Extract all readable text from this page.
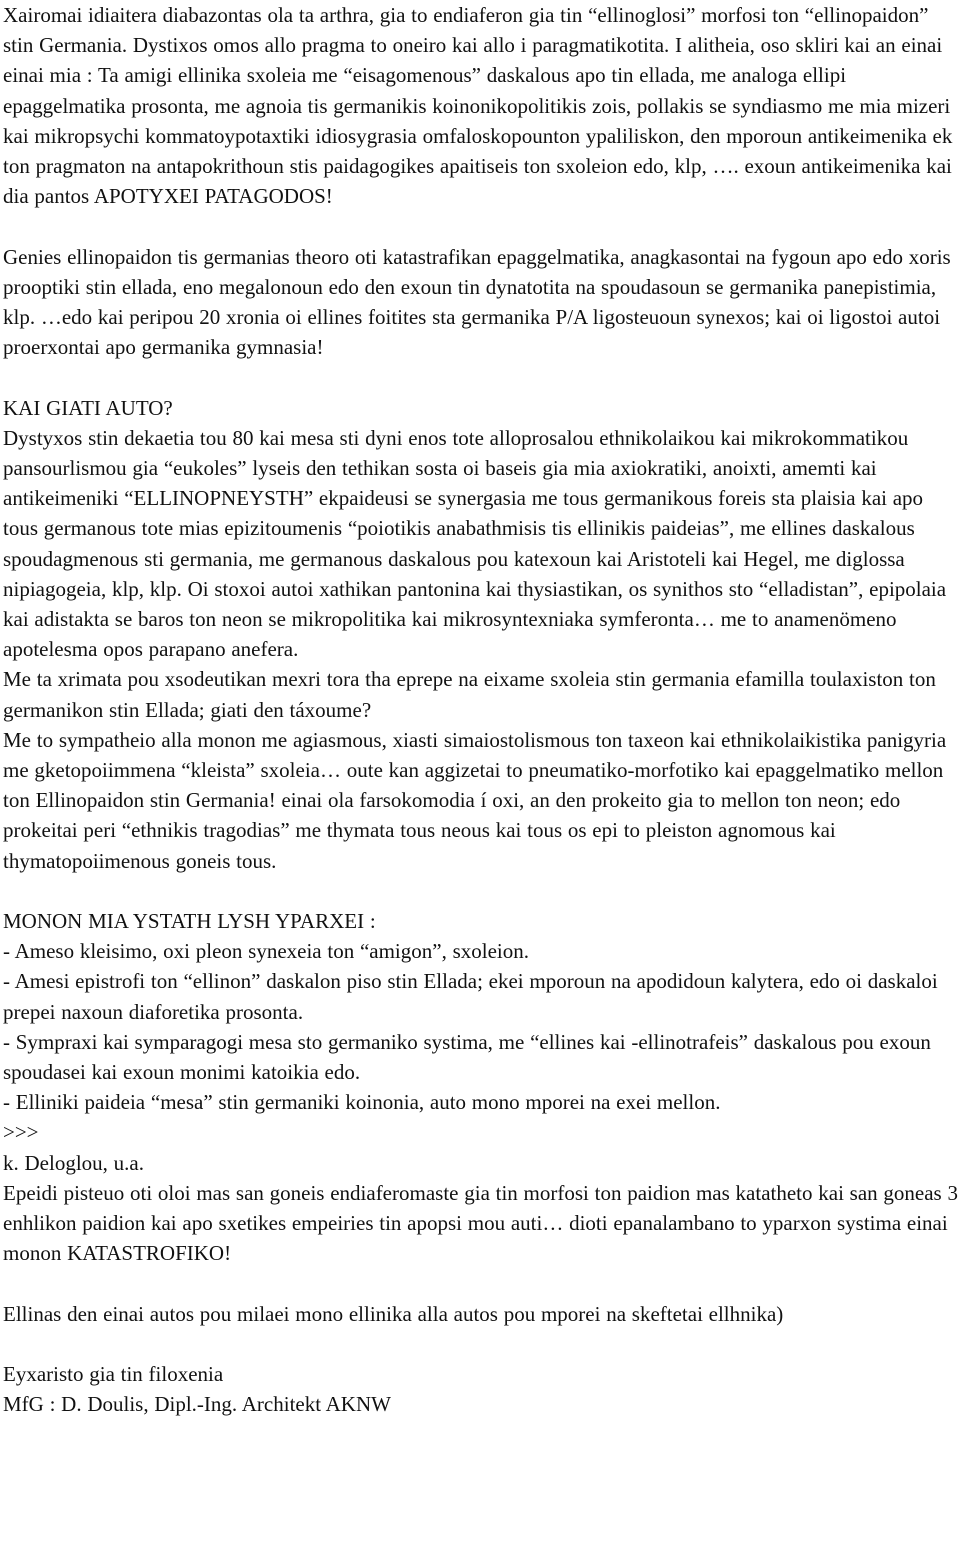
Xairomai idiaitera diabazontas ola ta arthra, gia to endiaferon gia tin “ellinoglosi” morfosi ton “ellinopaidon” stin Germania. Dystixos omos allo pragma to oneiro kai allo i paragmatikotita. I alitheia, oso skliri kai an einai einai mia : Ta amigi ellinika sxoleia me “eisagomenous” daskalous apo tin ellada, me analoga ellipi epaggelmatika prosonta, me agnoia tis germanikis koinonikopolitikis zois, pollakis se syndiasmo me mia mizeri kai mikropsychi kommatoypotaxtiki idiosygrasia omfaloskopounton ypaliliskon, den mporoun antikeimenika ek ton pragmaton na antapokrithoun stis paidagogikes apaitiseis ton sxoleion edo, klp, …. exoun antikeimenika kai dia pantos APOTYXEI PATAGODOS!

Genies ellinopaidon tis germanias theoro oti katastrafikan epaggelmatika, anagkasontai na fygoun apo edo xoris prooptiki stin ellada, eno megalonoun edo den exoun tin dynatotita na spoudasoun se germanika panepistimia, klp. …edo kai peripou 20 xronia oi ellines foitites sta germanika P/A ligosteuoun synexos; kai oi ligostoi autoi proerxontai apo germanika gymnasia!

KAI GIATI AUTO?
Dystyxos stin dekaetia tou 80 kai mesa sti dyni enos tote alloprosalou ethnikolaikou kai mikrokommatikou pansourlismou gia “eukoles” lyseis den tethikan sosta oi baseis gia mia axiokratiki, anoixti, amemti kai antikeimeniki “ELLINOPNEYSTH” ekpaideusi se synergasia me tous germanikous foreis sta plaisia kai apo tous germanous tote mias epizitoumenis “poiotikis anabathmisis tis ellinikis paideias”, me ellines daskalous spoudagmenous sti germania, me germanous daskalous pou katexoun kai Aristoteli kai Hegel, me diglossa nipiagogeia, klp, klp. Oi stoxoi autoi xathikan pantonina kai thysiastikan, os synithos sto “elladistan”, epipolaia kai adistakta se baros ton neon se mikropolitika kai mikrosyntexniaka symferonta… me to anamenömeno apotelesma opos parapano anefera.
Me ta xrimata pou xsodeutikan mexri tora tha eprepe na eixame sxoleia stin germania efamilla toulaxiston ton germanikon stin Ellada; giati den táxoume?
Me to sympatheio alla monon me agiasmous, xiasti simaiostolismous ton taxeon kai ethnikolaikistika panigyria me gketopoiimmena “kleista” sxoleia… oute kan aggizetai to pneumatiko-morfotiko kai epaggelmatiko mellon ton Ellinopaidon stin Germania! einai ola farsokomodia í oxi, an den prokeito gia to mellon ton neon; edo prokeitai peri “ethnikis tragodias” me thymata tous neous kai tous os epi to pleiston agnomous kai thymatopoiimenous goneis tous.

MONON MIA YSTATH LYSH YPARXEI :
- Ameso kleisimo, oxi pleon synexeia ton “amigon”, sxoleion.
- Amesi epistrofi ton “ellinon” daskalon piso stin Ellada; ekei mporoun na apodidoun kalytera, edo oi daskaloi prepei naxoun diaforetika prosonta.
- Sympraxi kai symparagogi mesa sto germaniko systima, me “ellines kai -ellinotrafeis” daskalous pou exoun spoudasei kai exoun monimi katoikia edo.
- Elliniki paideia “mesa” stin germaniki koinonia, auto mono mporei na exei mellon.
>>>
k. Deloglou, u.a.
Epeidi pisteuo oti oloi mas san goneis endiaferomaste gia tin morfosi ton paidion mas katatheto kai san goneas 3 enhlikon paidion kai apo sxetikes empeiries tin apopsi mou auti… dioti epanalambano to yparxon systima einai monon KATASTROFIKO!

Ellinas den einai autos pou milaei mono ellinika alla autos pou mporei na skeftetai ellhnika)

Eyxaristo gia tin filoxenia
MfG : D. Doulis, Dipl.-Ing. Architekt AKNW
